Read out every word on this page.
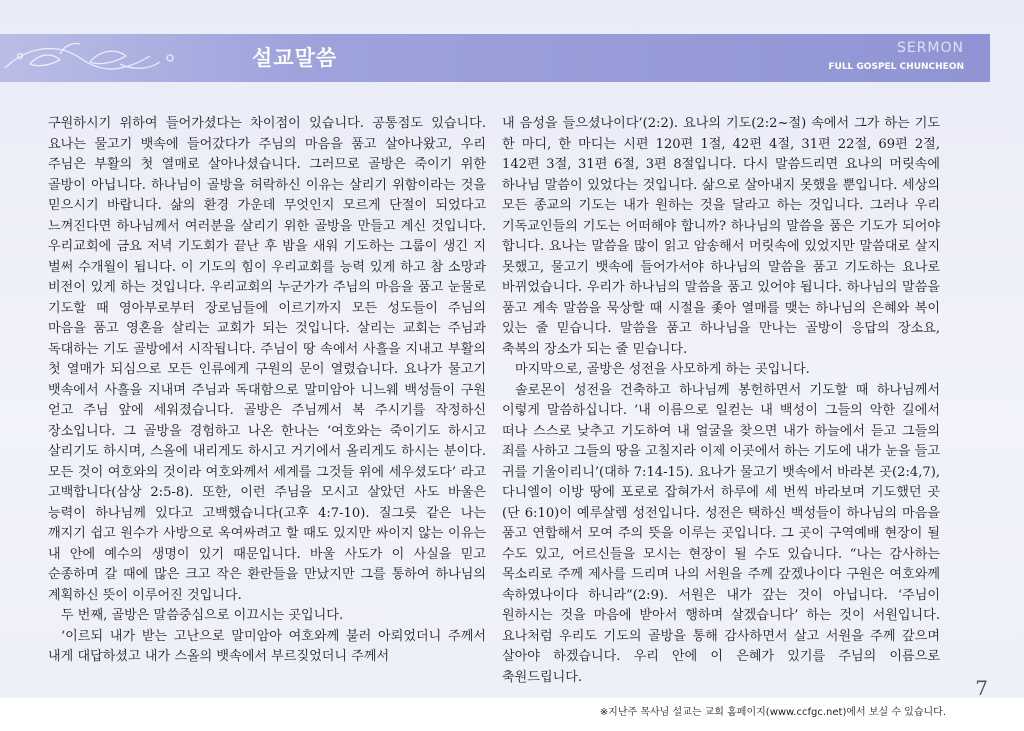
설교말씀	SERMON
FULL GOSPEL CHUNCHEON

구원하시기 위하여 들어가셨다는 차이점이 있습니다. 공통점도 있습니다. 요나는 물고기 뱃속에 들어갔다가 주님의 마음을 품고 살아나왔고, 우리 주님은 부활의 첫 열매로 살아나셨습니다. 그러므로 골방은 죽이기 위한 골방이 아닙니다. 하나님이 골방을 허락하신 이유는 살리기 위함이라는 것을 믿으시기 바랍니다. 삶의 환경 가운데 무엇인지 모르게 단절이 되었다고 느껴진다면 하나님께서 여러분을 살리기 위한 골방을 만들고 계신 것입니다. 우리교회에 금요 저녁 기도회가 끝난 후 밤을 새워 기도하는 그룹이 생긴 지 벌써 수개월이 됩니다. 이 기도의 힘이 우리교회를 능력 있게 하고 참 소망과 비전이 있게 하는 것입니다. 우리교회의 누군가가 주님의 마음을 품고 눈물로 기도할 때 영아부로부터 장로님들에 이르기까지 모든 성도들이 주님의 마음을 품고 영혼을 살리는 교회가 되는 것입니다. 살리는 교회는 주님과 독대하는 기도 골방에서 시작됩니다. 주님이 땅 속에서 사흘을 지내고 부활의 첫 열매가 되심으로 모든 인류에게 구원의 문이 열렸습니다. 요나가 물고기 뱃속에서 사흘을 지내며 주님과 독대함으로 말미암아 니느웨 백성들이 구원 얻고 주님 앞에 세워졌습니다. 골방은 주님께서 복 주시기를 작정하신 장소입니다. 그 골방을 경험하고 나온 한나는 ‘여호와는 죽이기도 하시고 살리기도 하시며, 스올에 내리게도 하시고 거기에서 올리게도 하시는 분이다. 모든 것이 여호와의 것이라 여호와께서 세계를 그것들 위에 세우셨도다’ 라고 고백합니다(삼상 2:5-8). 또한, 이런 주님을 모시고 살았던 사도 바울은 능력이 하나님께 있다고 고백했습니다(고후 4:7-10). 질그릇 같은 나는 깨지기 쉽고 원수가 사방으로 옥여싸려고 할 때도 있지만 싸이지 않는 이유는 내 안에 예수의 생명이 있기 때문입니다. 바울 사도가 이 사실을 믿고 순종하며 갈 때에 많은 크고 작은 환란들을 만났지만 그를 통하여 하나님의 계획하신 뜻이 이루어진 것입니다.

두 번째, 골방은 말씀중심으로 이끄시는 곳입니다.

‘이르되 내가 받는 고난으로 말미암아 여호와께 불러 아뢰었더니 주께서 내게 대답하셨고 내가 스올의 뱃속에서 부르짖었더니 주께서

내 음성을 들으셨나이다’(2:2). 요나의 기도(2:2~절) 속에서 그가 하는 기도 한 마디, 한 마디는 시편 120편 1절, 42편 4절, 31편 22절, 69편 2절, 142편 3절, 31편 6절, 3편 8절입니다. 다시 말씀드리면 요나의 머릿속에 하나님 말씀이 있었다는 것입니다. 삶으로 살아내지 못했을 뿐입니다. 세상의 모든 종교의 기도는 내가 원하는 것을 달라고 하는 것입니다. 그러나 우리 기독교인들의 기도는 어떠해야 합니까? 하나님의 말씀을 품은 기도가 되어야 합니다. 요나는 말씀을 많이 읽고 암송해서 머릿속에 있었지만 말씀대로 살지 못했고, 물고기 뱃속에 들어가서야 하나님의 말씀을 품고 기도하는 요나로 바뀌었습니다. 우리가 하나님의 말씀을 품고 있어야 됩니다. 하나님의 말씀을 품고 계속 말씀을 묵상할 때 시절을 좇아 열매를 맺는 하나님의 은혜와 복이 있는 줄 믿습니다. 말씀을 품고 하나님을 만나는 골방이 응답의 장소요, 축복의 장소가 되는 줄 믿습니다.

마지막으로, 골방은 성전을 사모하게 하는 곳입니다.

솔로몬이 성전을 건축하고 하나님께 봉헌하면서 기도할 때 하나님께서 이렇게 말씀하십니다. ‘내 이름으로 일컫는 내 백성이 그들의 악한 길에서 떠나 스스로 낮추고 기도하여 내 얼굴을 찾으면 내가 하늘에서 듣고 그들의 죄를 사하고 그들의 땅을 고칠지라 이제 이곳에서 하는 기도에 내가 눈을 들고 귀를 기울이리니’(대하 7:14-15). 요나가 물고기 뱃속에서 바라본 곳(2:4,7), 다니엘이 이방 땅에 포로로 잡혀가서 하루에 세 번씩 바라보며 기도했던 곳(단 6:10)이 예루살렘 성전입니다. 성전은 택하신 백성들이 하나님의 마음을 품고 연합해서 모여 주의 뜻을 이루는 곳입니다. 그 곳이 구역예배 현장이 될 수도 있고, 어르신들을 모시는 현장이 될 수도 있습니다. “나는 감사하는 목소리로 주께 제사를 드리며 나의 서원을 주께 갚겠나이다 구원은 여호와께 속하였나이다 하니라”(2:9). 서원은 내가 갚는 것이 아닙니다. ‘주님이 원하시는 것을 마음에 받아서 행하며 살겠습니다’ 하는 것이 서원입니다. 요나처럼 우리도 기도의 골방을 통해 감사하면서 살고 서원을 주께 갚으며 살아야 하겠습니다. 우리 안에 이 은혜가 있기를 주님의 이름으로 축원드립니다.	7
※지난주 목사님 설교는 교회 홈페이지(www.ccfgc.net)에서 보실 수 있습니다.
